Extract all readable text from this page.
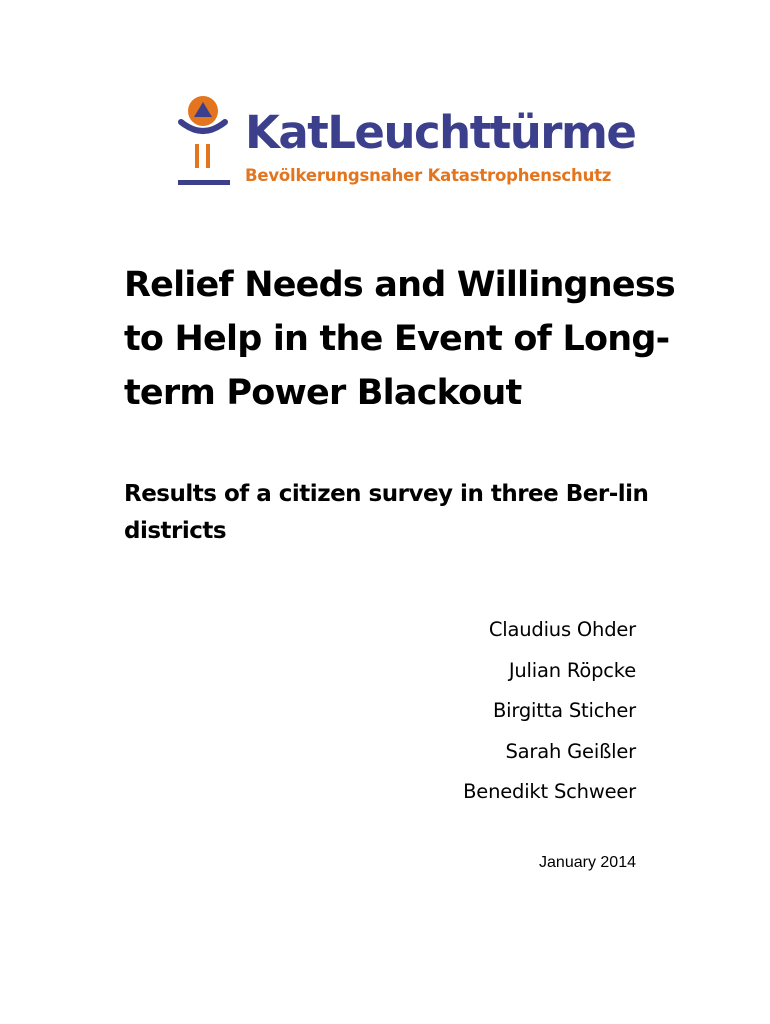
KatLeuchttürme
Bevölkerungsnaher Katastrophenschutz
Relief Needs and Willingness to Help in the Event of Long-term Power Blackout
Results of a citizen survey in three Ber-lin districts
Claudius Ohder
Julian Röpcke
Birgitta Sticher
Sarah Geißler
Benedikt Schweer
January 2014
